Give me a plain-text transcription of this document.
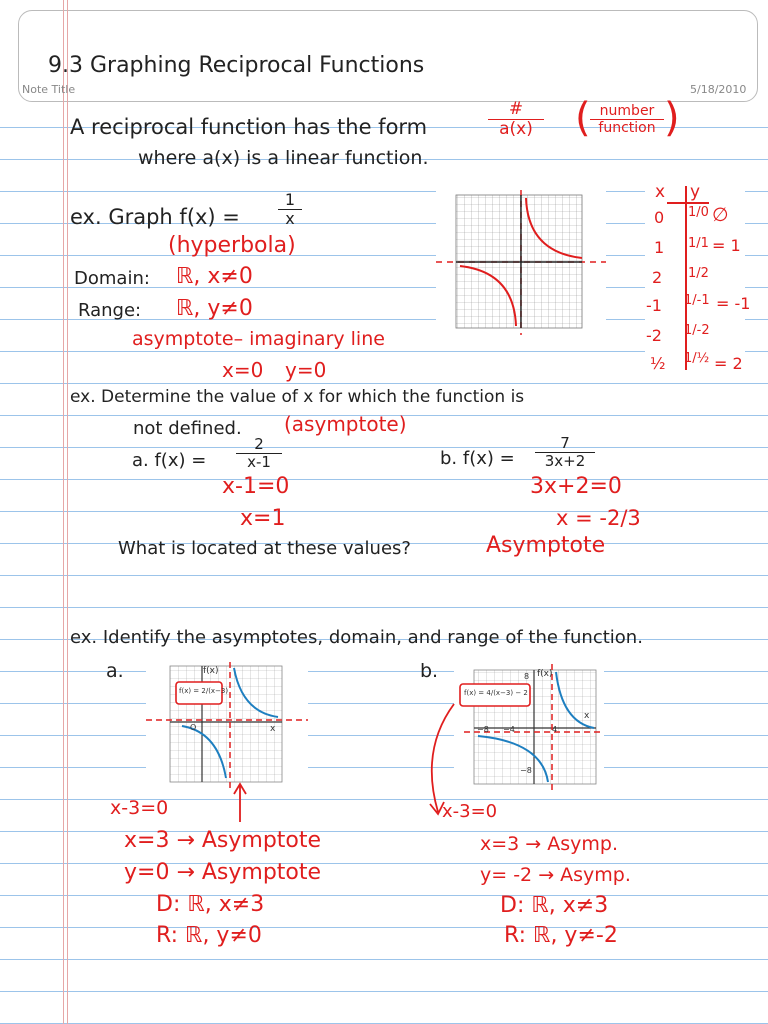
9.3 Graphing Reciprocal Functions
Note Title	5/18/2010
A reciprocal function has the form
#
a(x) ( number
function )
where a(x) is a linear function.
ex. Graph f(x) =
1
x
(hyperbola)
Domain: ℝ, x≠0
Range: ℝ, y≠0
asymptote– imaginary line
x=0 y=0
x y
0 1/0 ∅
1 1/1 = 1
2 1/2
-1 1/-1 = -1
-2 1/-2
½ 1/½ = 2
ex. Determine the value of x for which the function is
not defined. (asymptote)
a. f(x) =
2
x-1
x-1=0
x=1
b. f(x) =
7
3x+2
3x+2=0
x = -2/3
What is located at these values?	Asymptote
ex. Identify the asymptotes, domain, and range of the function.
a.	b.
f(x)
f(x) = 2/(x−3)
x
O
f(x)
f(x) = 4/(x−3) − 2
x
8
−8
−8 −4	4
x-3=0
x=3 → Asymptote
y=0 → Asymptote
D: ℝ, x≠3
R: ℝ, y≠0
x-3=0
x=3 → Asymp.
y= -2 → Asymp.
D: ℝ, x≠3
R: ℝ, y≠-2
